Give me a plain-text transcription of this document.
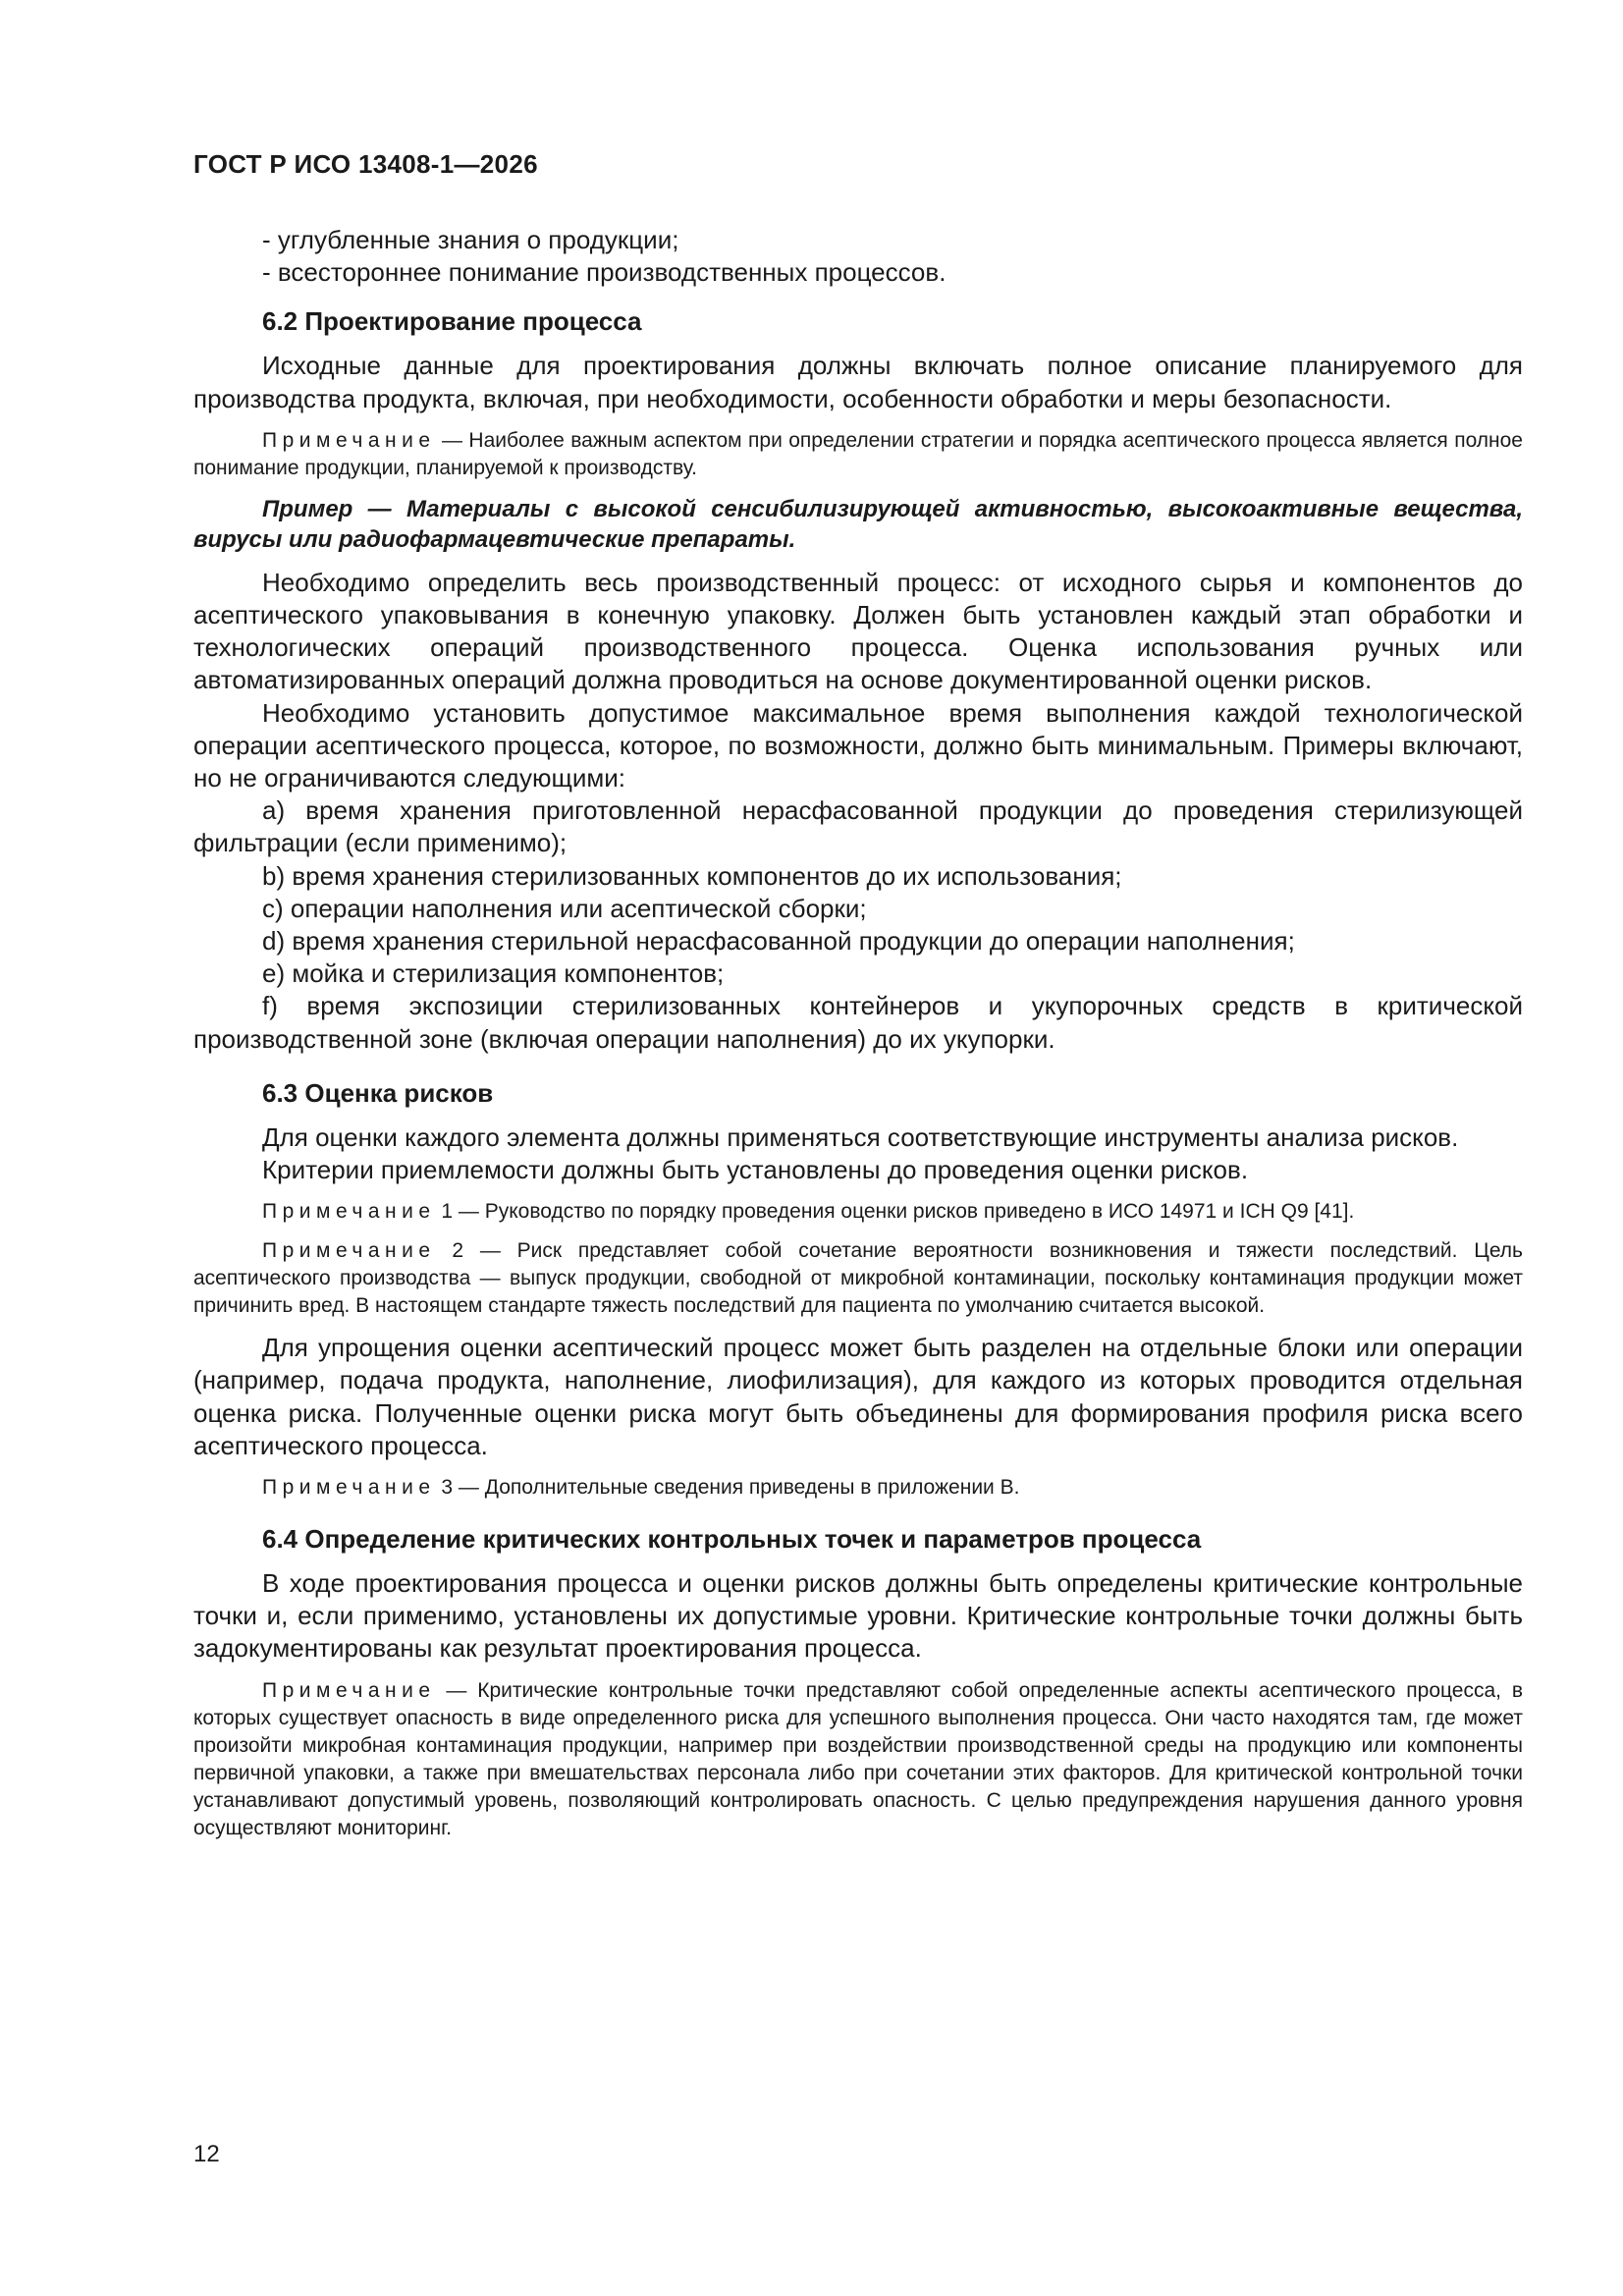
ГОСТ Р ИСО 13408-1—2026

- углубленные знания о продукции;

- всестороннее понимание производственных процессов.

6.2 Проектирование процесса

Исходные данные для проектирования должны включать полное описание планируемого для производства продукта, включая, при необходимости, особенности обработки и меры безопасности.

Примечание — Наиболее важным аспектом при определении стратегии и порядка асептического процесса является полное понимание продукции, планируемой к производству.

Пример — Материалы с высокой сенсибилизирующей активностью, высокоактивные вещества, вирусы или радиофармацевтические препараты.

Необходимо определить весь производственный процесс: от исходного сырья и компонентов до асептического упаковывания в конечную упаковку. Должен быть установлен каждый этап обработки и технологических операций производственного процесса. Оценка использования ручных или автоматизированных операций должна проводиться на основе документированной оценки рисков.

Необходимо установить допустимое максимальное время выполнения каждой технологической операции асептического процесса, которое, по возможности, должно быть минимальным. Примеры включают, но не ограничиваются следующими:

a) время хранения приготовленной нерасфасованной продукции до проведения стерилизующей фильтрации (если применимо);

b) время хранения стерилизованных компонентов до их использования;

c) операции наполнения или асептической сборки;

d) время хранения стерильной нерасфасованной продукции до операции наполнения;

e) мойка и стерилизация компонентов;

f) время экспозиции стерилизованных контейнеров и укупорочных средств в критической производственной зоне (включая операции наполнения) до их укупорки.

6.3 Оценка рисков

Для оценки каждого элемента должны применяться соответствующие инструменты анализа рисков.

Критерии приемлемости должны быть установлены до проведения оценки рисков.

Примечание 1 — Руководство по порядку проведения оценки рисков приведено в ИСО 14971 и ICH Q9 [41].

Примечание 2 — Риск представляет собой сочетание вероятности возникновения и тяжести последствий. Цель асептического производства — выпуск продукции, свободной от микробной контаминации, поскольку контаминация продукции может причинить вред. В настоящем стандарте тяжесть последствий для пациента по умолчанию считается высокой.

Для упрощения оценки асептический процесс может быть разделен на отдельные блоки или операции (например, подача продукта, наполнение, лиофилизация), для каждого из которых проводится отдельная оценка риска. Полученные оценки риска могут быть объединены для формирования профиля риска всего асептического процесса.

Примечание 3 — Дополнительные сведения приведены в приложении B.

6.4 Определение критических контрольных точек и параметров процесса

В ходе проектирования процесса и оценки рисков должны быть определены критические контрольные точки и, если применимо, установлены их допустимые уровни. Критические контрольные точки должны быть задокументированы как результат проектирования процесса.

Примечание — Критические контрольные точки представляют собой определенные аспекты асептического процесса, в которых существует опасность в виде определенного риска для успешного выполнения процесса. Они часто находятся там, где может произойти микробная контаминация продукции, например при воздействии производственной среды на продукцию или компоненты первичной упаковки, а также при вмешательствах персонала либо при сочетании этих факторов. Для критической контрольной точки устанавливают допустимый уровень, позволяющий контролировать опасность. С целью предупреждения нарушения данного уровня осуществляют мониторинг.

12
